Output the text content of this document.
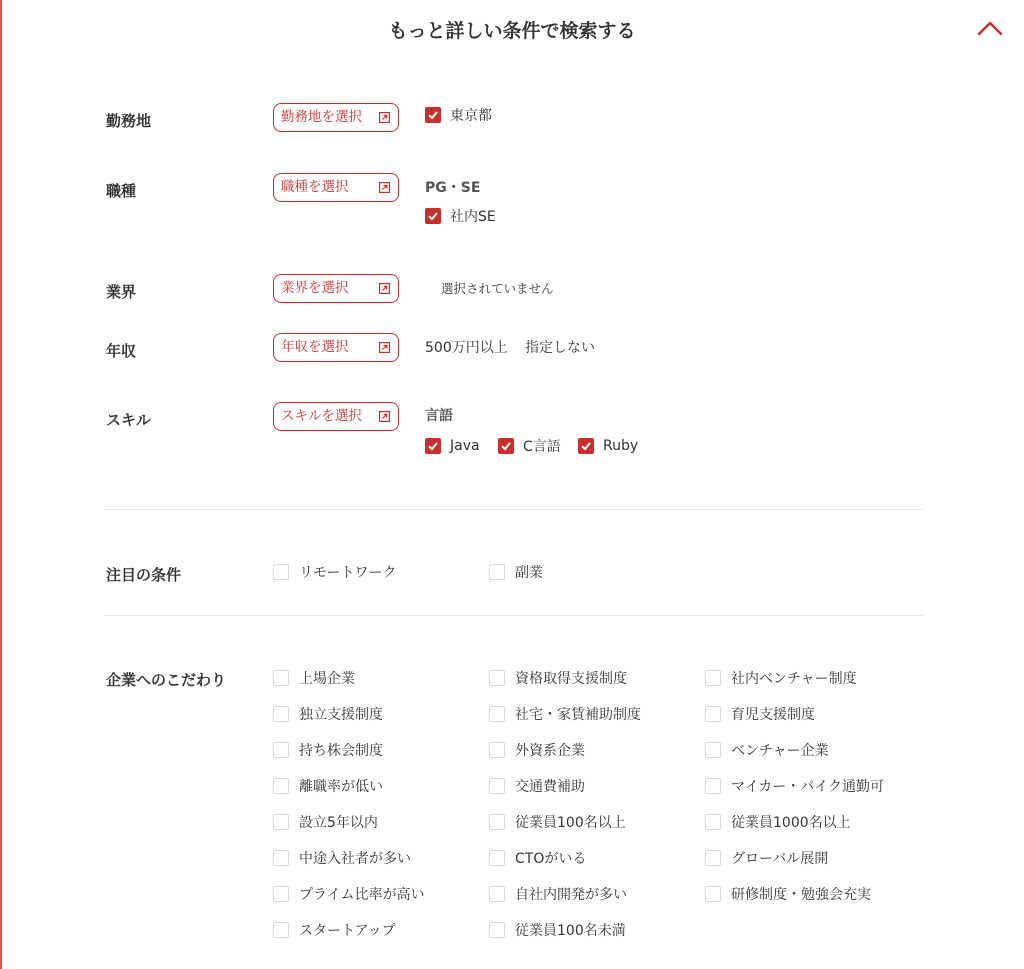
もっと詳しい条件で検索する
勤務地	勤務地を選択	東京都
職種	職種を選択	PG・SE
社内SE
業界	業界を選択	選択されていません
年収	年収を選択	500万円以上 指定しない
スキル	スキルを選択	言語
Java	C言語	Ruby
注目の条件	リモートワーク	副業
企業へのこだわり	上場企業	資格取得支援制度	社内ベンチャー制度
独立支援制度	社宅・家賃補助制度	育児支援制度
持ち株会制度	外資系企業	ベンチャー企業
離職率が低い	交通費補助	マイカー・バイク通勤可
設立5年以内	従業員100名以上	従業員1000名以上
中途入社者が多い	CTOがいる	グローバル展開
プライム比率が高い	自社内開発が多い	研修制度・勉強会充実
スタートアップ	従業員100名未満
